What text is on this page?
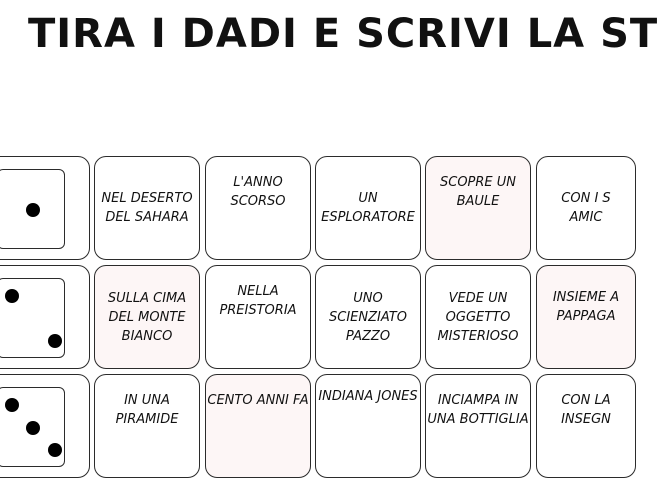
TIRA I DADI E SCRIVI LA ST
NEL DESERTO
DEL SAHARA
L'ANNO
SCORSO	UN
ESPLORATORE
SCOPRE UN
BAULE	CON I S
AMIC
SULLA CIMA
DEL MONTE
BIANCO
NELLA
PREISTORIA
UNO
SCIENZIATO
PAZZO
VEDE UN
OGGETTO
MISTERIOSO
INSIEME A
PAPPAGA
IN UNA
PIRAMIDE
CENTO ANNI FA INDIANA JONES INCIAMPA IN
UNA BOTTIGLIA
CON LA
INSEGN
